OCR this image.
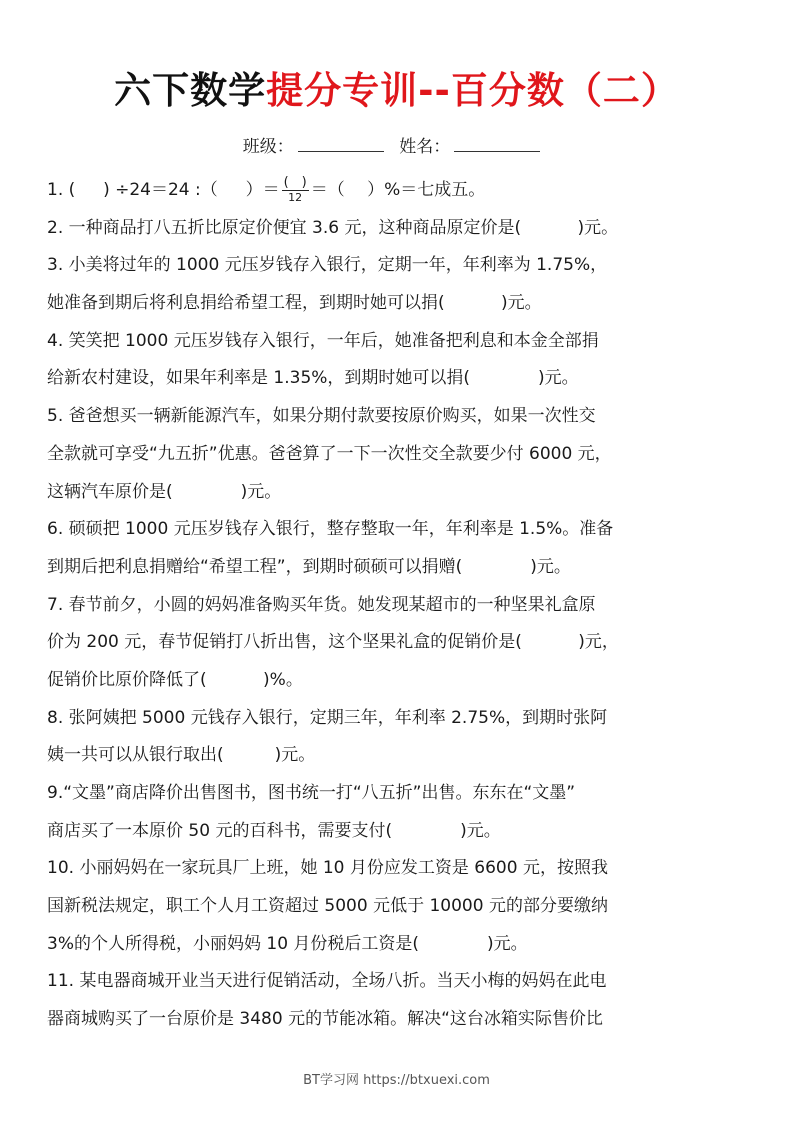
六下数学提分专训--百分数（二）
班级：	姓名：
1. ( 　 ) ÷24＝24 :（ 　 ）＝ $\frac{( )}{12}$ ＝（　 ）%＝七成五。
2. 一种商品打八五折比原定价便宜 3.6 元，这种商品原定价是(　　　 )元。
3. 小美将过年的 1000 元压岁钱存入银行，定期一年，年利率为 1.75%，
她准备到期后将利息捐给希望工程，到期时她可以捐(　　　 )元。
4. 笑笑把 1000 元压岁钱存入银行，一年后，她准备把利息和本金全部捐
给新农村建设，如果年利率是 1.35%，到期时她可以捐(　　　　)元。
5. 爸爸想买一辆新能源汽车，如果分期付款要按原价购买，如果一次性交
全款就可享受“九五折”优惠。爸爸算了一下一次性交全款要少付 6000 元，
这辆汽车原价是(　　　　)元。
6. 硕硕把 1000 元压岁钱存入银行，整存整取一年，年利率是 1.5%。准备
到期后把利息捐赠给“希望工程”，到期时硕硕可以捐赠(　　　　)元。
7. 春节前夕，小圆的妈妈准备购买年货。她发现某超市的一种坚果礼盒原
价为 200 元，春节促销打八折出售，这个坚果礼盒的促销价是(　　　 )元，
促销价比原价降低了(　　　 )%。
8. 张阿姨把 5000 元钱存入银行，定期三年，年利率 2.75%，到期时张阿
姨一共可以从银行取出(　　　)元。
9.“文墨”商店降价出售图书，图书统一打“八五折”出售。东东在“文墨”
商店买了一本原价 50 元的百科书，需要支付(　　　　)元。
10. 小丽妈妈在一家玩具厂上班，她 10 月份应发工资是 6600 元，按照我
国新税法规定，职工个人月工资超过 5000 元低于 10000 元的部分要缴纳
3%的个人所得税，小丽妈妈 10 月份税后工资是(　　　　)元。
11. 某电器商城开业当天进行促销活动，全场八折。当天小梅的妈妈在此电
器商城购买了一台原价是 3480 元的节能冰箱。解决“这台冰箱实际售价比
BT学习网 https://btxuexi.com
